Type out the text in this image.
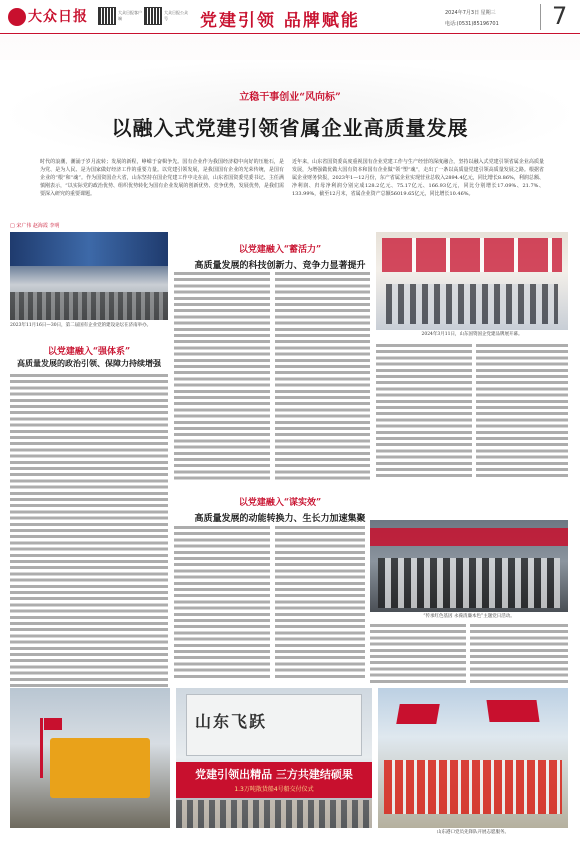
大众日报	大众日报客户端
大众日报公众号	党建引领 品牌赋能	2024年7月3日 星期三
电话:(0531)85196701 7
立稳干事创业“风向标”
以融入式党建引领省属企业高质量发展
时代的浪潮，潮涌于岁月流转；发展的新程，峥嵘于奋楫争先。国有企业作为我国经济稳中向好的压舱石，是为党、是为人民、是为国家做好经济工作的重要力量。以党建引领发展，是我国国有企业的光荣传统，是国有企业的“根”和“魂”。作为国资国企大省，山东坚持在国企党建工作中走在前，山东省国资委党委书记、主任满慎刚表示，“以实际党的政治优势、组织优势转化为国有企业发展的创新优势、竞争优势，发展优势，是我们需要深入研究的重要课题。
近年来，山东省国资委高度重视国有企业党建工作与生产经营的深度融合，坚持以融入式党建引领省属企业高质量发展，为增强做优做大国有资本和国有企业做“领”塑“魂”，走出了一条以高质量党建引领高质量发展之路。根据省属企业财务快报，2023年1—12月份，东产省属企业实现营业总收入2894.4亿元，同比增长8.86%，利润总额、净利润、归母净利润分别完成128.2亿元、75.17亿元、166.93亿元，同比分别增长17.09%、21.7%、133.99%，截至12月末，省属企业资产总额56019.65亿元，同比增长10.46%。
□ 宋广伟 赵海霞 李明
2023年11月16日—30日，第二届国有企业党的建设论坛在济南举办。
以党建融入“强体系”
高质量发展的政治引领、保障力持续增强
以党建融入“蓄活力”
高质量发展的科技创新力、竞争力显著提升
2024年3月11日，山东国资国企党建品牌展开幕。
以党建融入“谋实效”
高质量发展的动能转换力、生长力加速集聚
“传承红色基因 永葆清廉本色”主题党日活动。
山东飞跃
党建引领出精品 三方共建结硕果
1.3万吨散货船4号船交付仪式
山东港口党员先锋队开展志愿服务。
